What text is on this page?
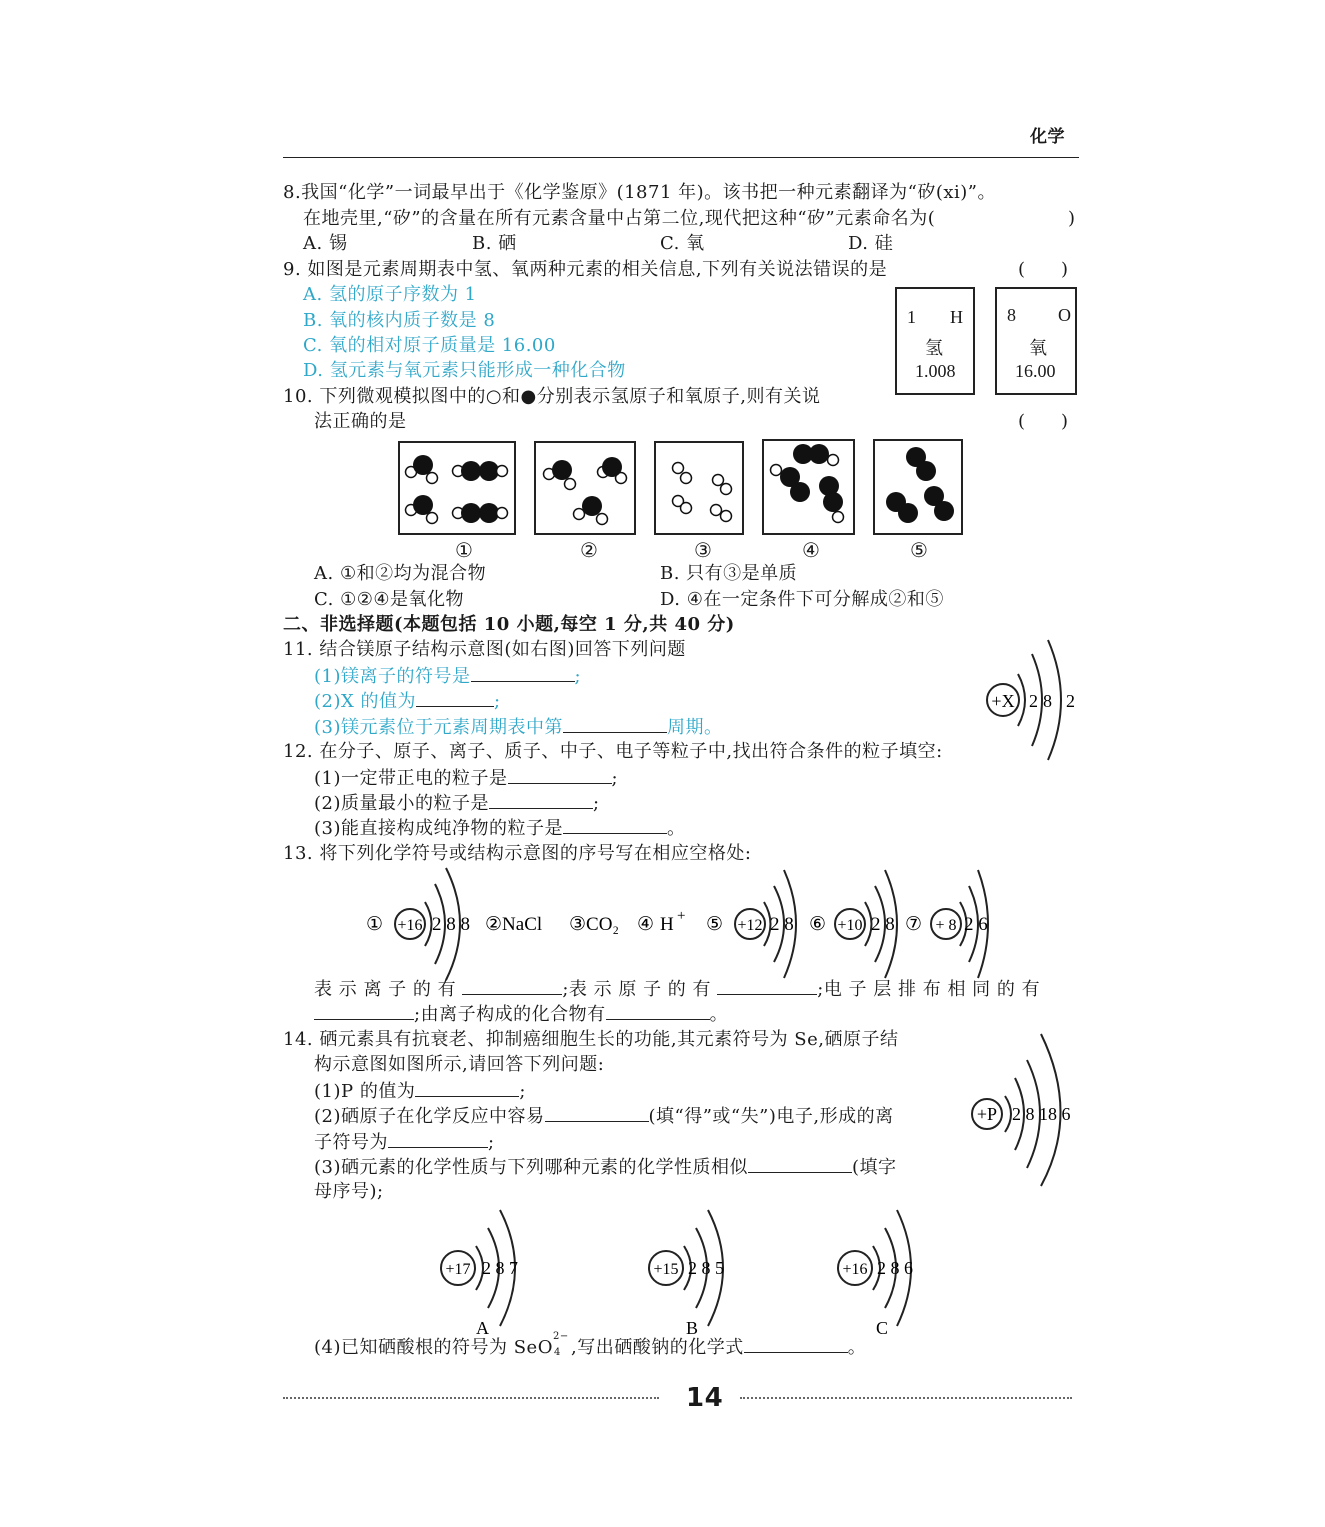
化学
8.我国“化学”一词最早出于《化学鉴原》(1871 年)。该书把一种元素翻译为“矽(xi)”。
在地壳里,“矽”的含量在所有元素含量中占第二位,现代把这种“矽”元素命名为(	)
A. 锡	B. 硒	C. 氧	D. 硅
9. 如图是元素周期表中氢、氧两种元素的相关信息,下列有关说法错误的是	(　　)
A. 氢的原子序数为 1
B. 氧的核内质子数是 8
C. 氧的相对原子质量是 16.00
D. 氢元素与氧元素只能形成一种化合物
1 H
氢
1.008
8 O
氧
16.00
10. 下列微观模拟图中的○和●分别表示氢原子和氧原子,则有关说
法正确的是	(　　)
①	②	③	④	⑤
A. ①和②均为混合物	B. 只有③是单质
C. ①②④是氧化物	D. ④在一定条件下可分解成②和⑤
二、非选择题(本题包括 10 小题,每空 1 分,共 40 分)
11. 结合镁原子结构示意图(如右图)回答下列问题
(1)镁离子的符号是	;
(2)X 的值为	;
(3)镁元素位于元素周期表中第	周期。
+X 2 8 2
12. 在分子、原子、离子、质子、中子、电子等粒子中,找出符合条件的粒子填空:
(1)一定带正电的粒子是	;
(2)质量最小的粒子是	;
(3)能直接构成纯净物的粒子是	。
13. 将下列化学符号或结构示意图的序号写在相应空格处:
① +16 2 8 8 ②NaCl ③CO₂ ④ H + ⑤ +12 2 8 ⑥ +10 2 8 ⑦ + 8 2 6
表 示 离 子 的 有	;表 示 原 子 的 有	;电 子 层 排 布 相 同 的 有
;由离子构成的化合物有	。
14. 硒元素具有抗衰老、抑制癌细胞生长的功能,其元素符号为 Se,硒原子结
构示意图如图所示,请回答下列问题:
(1)P 的值为	;
(2)硒原子在化学反应中容易	(填“得”或“失”)电子,形成的离
子符号为	;
(3)硒元素的化学性质与下列哪种元素的化学性质相似	(填字
母序号);
+P 2 8 18 6
+17 2 8 7
A
+15 2 8 5
B
+16 2 8 6
C
(4)已知硒酸根的符号为 SeO
2−
4 ,写出硒酸钠的化学式	。
14
